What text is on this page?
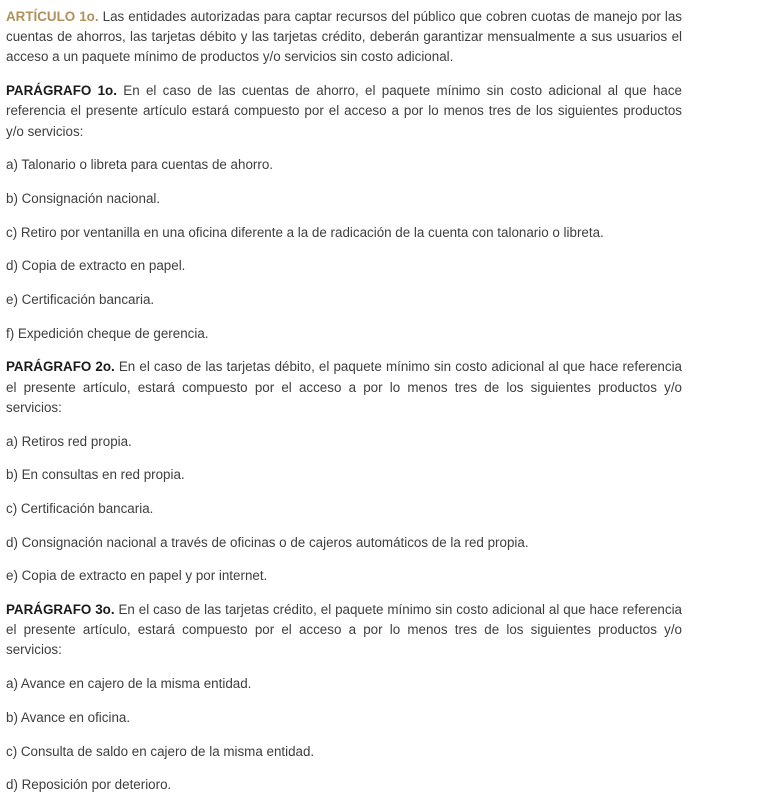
ARTÍCULO 1o. Las entidades autorizadas para captar recursos del público que cobren cuotas de manejo por las cuentas de ahorros, las tarjetas débito y las tarjetas crédito, deberán garantizar mensualmente a sus usuarios el acceso a un paquete mínimo de productos y/o servicios sin costo adicional.

PARÁGRAFO 1o. En el caso de las cuentas de ahorro, el paquete mínimo sin costo adicional al que hace referencia el presente artículo estará compuesto por el acceso a por lo menos tres de los siguientes productos y/o servicios:

a) Talonario o libreta para cuentas de ahorro.

b) Consignación nacional.

c) Retiro por ventanilla en una oficina diferente a la de radicación de la cuenta con talonario o libreta.

d) Copia de extracto en papel.

e) Certificación bancaria.

f) Expedición cheque de gerencia.

PARÁGRAFO 2o. En el caso de las tarjetas débito, el paquete mínimo sin costo adicional al que hace referencia el presente artículo, estará compuesto por el acceso a por lo menos tres de los siguientes productos y/o servicios:

a) Retiros red propia.

b) En consultas en red propia.

c) Certificación bancaria.

d) Consignación nacional a través de oficinas o de cajeros automáticos de la red propia.

e) Copia de extracto en papel y por internet.

PARÁGRAFO 3o. En el caso de las tarjetas crédito, el paquete mínimo sin costo adicional al que hace referencia el presente artículo, estará compuesto por el acceso a por lo menos tres de los siguientes productos y/o servicios:

a) Avance en cajero de la misma entidad.

b) Avance en oficina.

c) Consulta de saldo en cajero de la misma entidad.

d) Reposición por deterioro.
